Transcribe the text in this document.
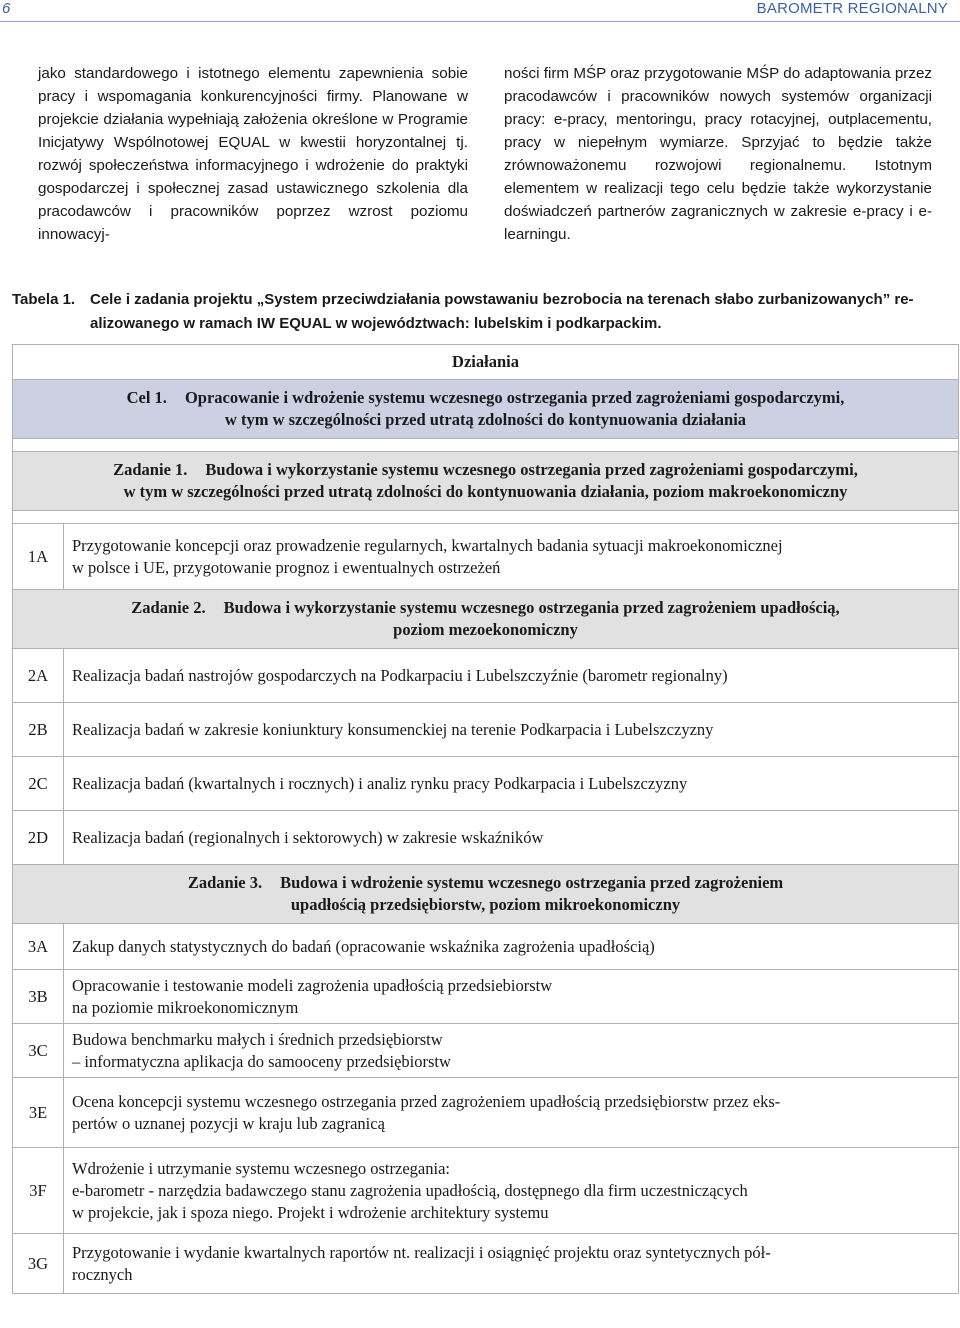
6	BAROMETR REGIONALNY
jako standardowego i istotnego elementu zapewnienia sobie pracy i wspomagania konkurencyjności firmy. Planowane w projekcie działania wypełniają założenia określone w Programie Inicjatywy Wspólnotowej EQUAL w kwestii horyzontalnej tj. rozwój społeczeństwa informacyjnego i wdrożenie do praktyki gospodarczej i społecznej zasad ustawicznego szkolenia dla pracodawców i pracowników poprzez wzrost poziomu innowacyj-
ności firm MŚP oraz przygotowanie MŚP do adaptowania przez pracodawców i pracowników nowych systemów organizacji pracy: e-pracy, mentoringu, pracy rotacyjnej, outplacementu, pracy w niepełnym wymiarze. Sprzyjać to będzie także zrównoważonemu rozwojowi regionalnemu. Istotnym elementem w realizacji tego celu będzie także wykorzystanie doświadczeń partnerów zagranicznych w zakresie e-pracy i e-learningu.
Tabela 1. Cele i zadania projektu „System przeciwdziałania powstawaniu bezrobocia na terenach słabo zurbanizowanych” re-
alizowanego w ramach IW EQUAL w województwach: lubelskim i podkarpackim.
Działania	
Cel 1. Opracowanie i wdrożenie systemu wczesnego ostrzegania przed zagrożeniami gospodarczymi,
w tym w szczególności przed utratą zdolności do kontynuowania działania	

Zadanie 1. Budowa i wykorzystanie systemu wczesnego ostrzegania przed zagrożeniami gospodarczymi,
w tym w szczególności przed utratą zdolności do kontynuowania działania, poziom makroekonomiczny	

1A	Przygotowanie koncepcji oraz prowadzenie regularnych, kwartalnych badania sytuacji makroekonomicznej
w polsce i UE, przygotowanie prognoz i ewentualnych ostrzeżeń
Zadanie 2. Budowa i wykorzystanie systemu wczesnego ostrzegania przed zagrożeniem upadłością,
poziom mezoekonomiczny	
2A	Realizacja badań nastrojów gospodarczych na Podkarpaciu i Lubelszczyźnie (barometr regionalny)
2B	Realizacja badań w zakresie koniunktury konsumenckiej na terenie Podkarpacia i Lubelszczyzny
2C	Realizacja badań (kwartalnych i rocznych) i analiz rynku pracy Podkarpacia i Lubelszczyzny
2D	Realizacja badań (regionalnych i sektorowych) w zakresie wskaźników
Zadanie 3. Budowa i wdrożenie systemu wczesnego ostrzegania przed zagrożeniem
upadłością przedsiębiorstw, poziom mikroekonomiczny	
3A	Zakup danych statystycznych do badań (opracowanie wskaźnika zagrożenia upadłością)
3B	Opracowanie i testowanie modeli zagrożenia upadłością przedsiebiorstw
na poziomie mikroekonomicznym
3C	Budowa benchmarku małych i średnich przedsiębiorstw
– informatyczna aplikacja do samooceny przedsiębiorstw
3E	Ocena koncepcji systemu wczesnego ostrzegania przed zagrożeniem upadłością przedsiębiorstw przez eks-
pertów o uznanej pozycji w kraju lub zagranicą
3F	Wdrożenie i utrzymanie systemu wczesnego ostrzegania:
e-barometr - narzędzia badawczego stanu zagrożenia upadłością, dostępnego dla firm uczestniczących
w projekcie, jak i spoza niego. Projekt i wdrożenie architektury systemu
3G	Przygotowanie i wydanie kwartalnych raportów nt. realizacji i osiągnięć projektu oraz syntetycznych pół-
rocznych
